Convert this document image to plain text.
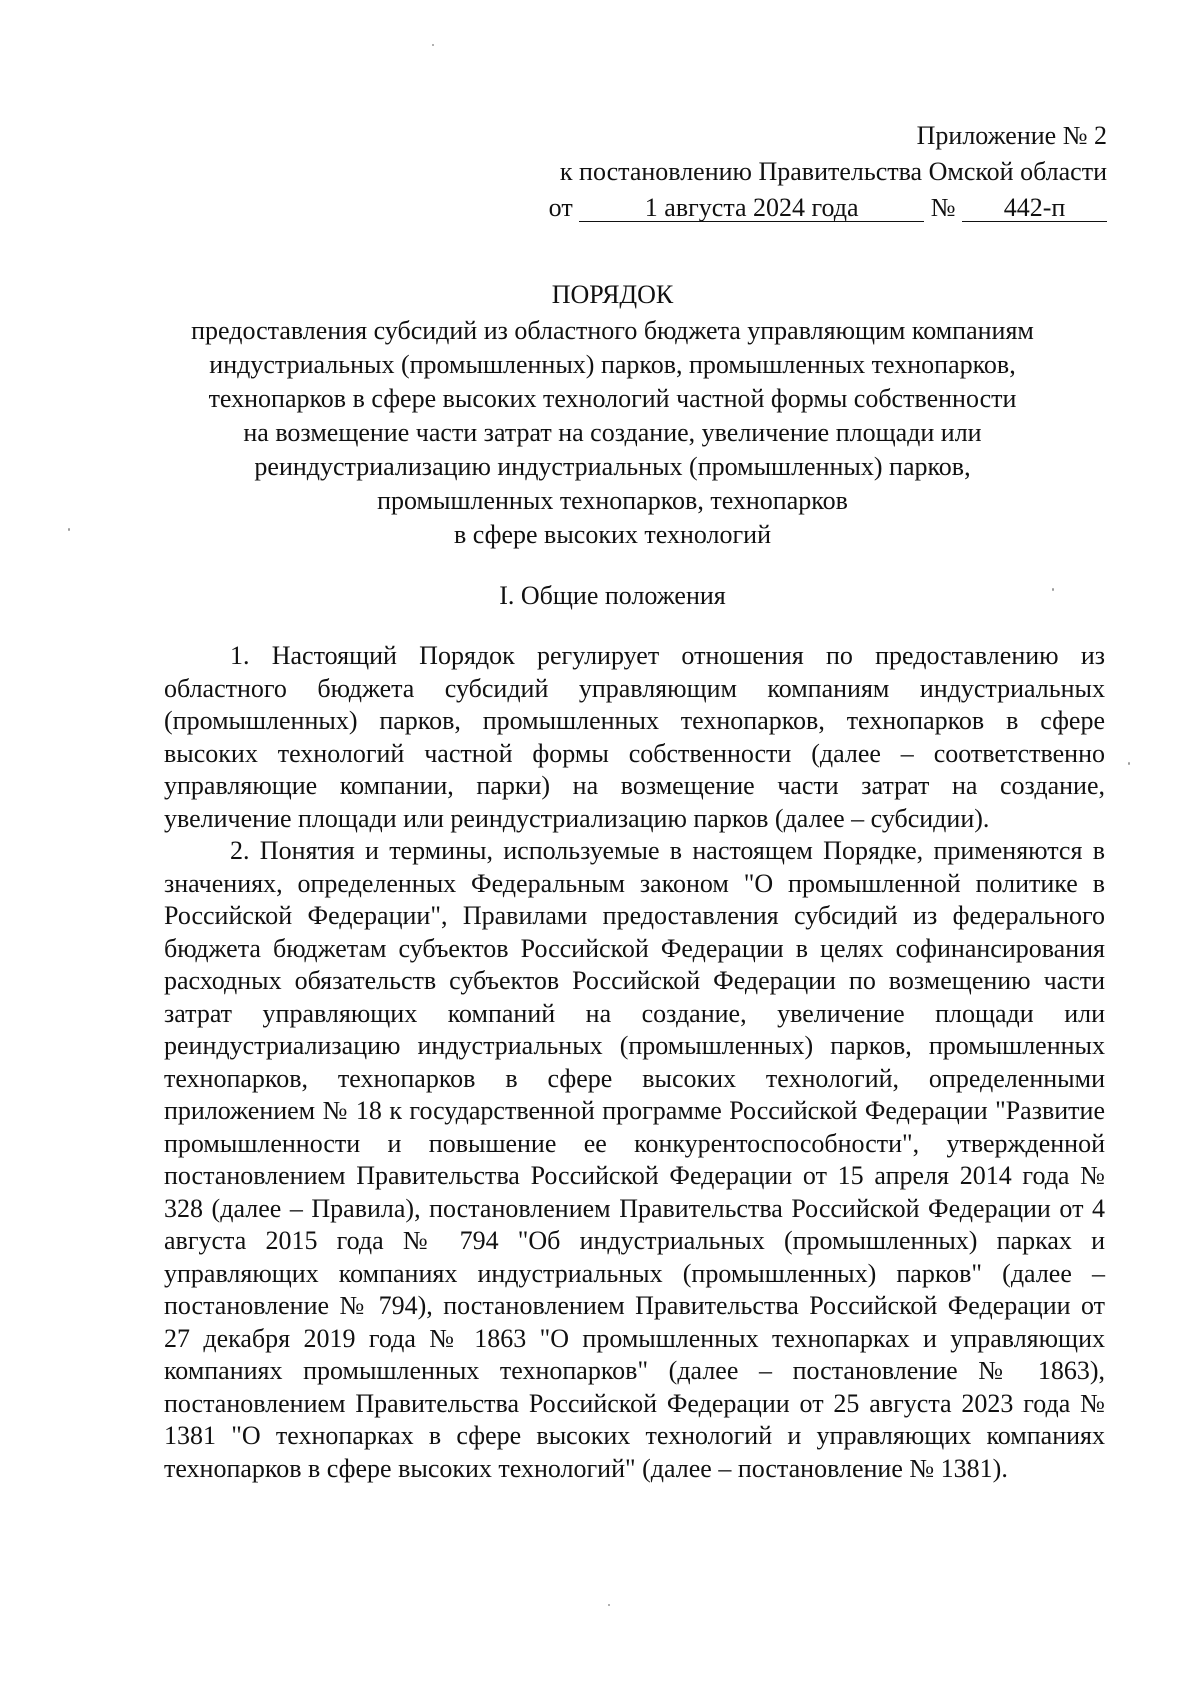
Приложение № 2
к постановлению Правительства Омской области
от	1 августа 2024 года	№ 442-п
ПОРЯДОК
предоставления субсидий из областного бюджета управляющим компаниям
индустриальных (промышленных) парков, промышленных технопарков,
технопарков в сфере высоких технологий частной формы собственности
на возмещение части затрат на создание, увеличение площади или
реиндустриализацию индустриальных (промышленных) парков,
промышленных технопарков, технопарков
в сфере высоких технологий
I. Общие положения

1. Настоящий Порядок регулирует отношения по предоставлению из областного бюджета субсидий управляющим компаниям индустриальных (промышленных) парков, промышленных технопарков, технопарков в сфере высоких технологий частной формы собственности (далее – соответственно управляющие компании, парки) на возмещение части затрат на создание, увеличение площади или реиндустриализацию парков (далее – субсидии).

2. Понятия и термины, используемые в настоящем Порядке, применяются в значениях, определенных Федеральным законом "О промышленной политике в Российской Федерации", Правилами предоставления субсидий из федерального бюджета бюджетам субъектов Российской Федерации в целях софинансирования расходных обязательств субъектов Российской Федерации по возмещению части затрат управляющих компаний на создание, увеличение площади или реиндустриализацию индустриальных (промышленных) парков, промышленных технопарков, технопарков в сфере высоких технологий, определенными приложением № 18 к государственной программе Российской Федерации "Развитие промышленности и повышение ее конкурентоспособности", утвержденной постановлением Правительства Российской Федерации от 15 апреля 2014 года № 328 (далее – Правила), постановлением Правительства Российской Федерации от 4 августа 2015 года № 794 "Об индустриальных (промышленных) парках и управляющих компаниях индустриальных (промышленных) парков" (далее – постановление № 794), постановлением Правительства Российской Федерации от 27 декабря 2019 года № 1863 "О промышленных технопарках и управляющих компаниях промышленных технопарков" (далее – постановление № 1863), постановлением Правительства Российской Федерации от 25 августа 2023 года № 1381 "О технопарках в сфере высоких технологий и управляющих компаниях технопарков в сфере высоких технологий" (далее – постановление № 1381).
